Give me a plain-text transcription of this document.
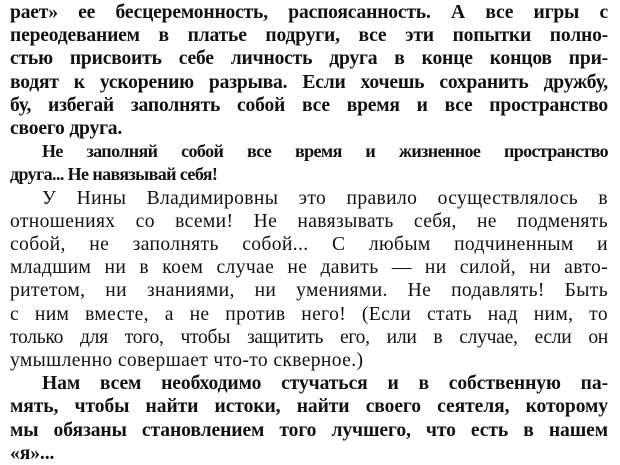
рает» ее бесцеремонность, распоясанность. А все игры с
переодеванием в платье подруги, все эти попытки полно-
стью присвоить себе личность друга в конце концов при-
водят к ускорению разрыва. Если хочешь сохранить дружбу,
бу, избегай заполнять собой все время и все пространство
своего друга.

Не заполняй собой все время и жизненное пространство
друга... Не навязывай себя!

У Нины Владимировны это правило осуществлялось в
отношениях со всеми! Не навязывать себя, не подменять
собой, не заполнять собой... С любым подчиненным и
младшим ни в коем случае не давить — ни силой, ни авто-
ритетом, ни знаниями, ни умениями. Не подавлять! Быть
с ним вместе, а не против него! (Если стать над ним, то
только для того, чтобы защитить его, или в случае, если он
умышленно совершает что-то скверное.)

Нам всем необходимо стучаться и в собственную па-
мять, чтобы найти истоки, найти своего сеятеля, которому
мы обязаны становлением того лучшего, что есть в нашем
«я»...
